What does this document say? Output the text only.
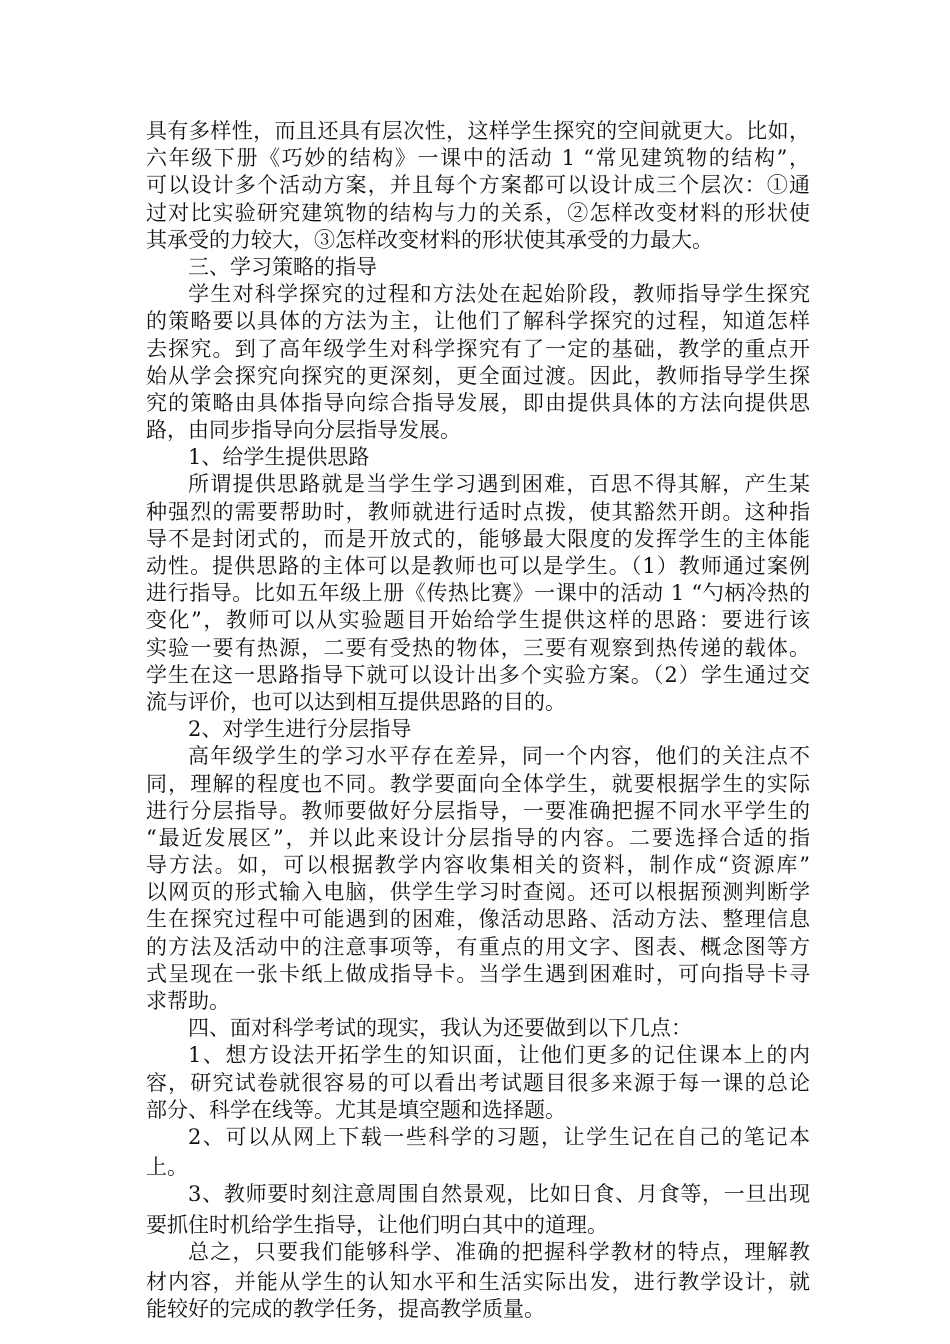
具有多样性，而且还具有层次性，这样学生探究的空间就更大。比如，
六年级下册《巧妙的结构》一课中的活动 1 “常见建筑物的结构”，
可以设计多个活动方案，并且每个方案都可以设计成三个层次：①通
过对比实验研究建筑物的结构与力的关系，②怎样改变材料的形状使
其承受的力较大，③怎样改变材料的形状使其承受的力最大。
三、学习策略的指导
学生对科学探究的过程和方法处在起始阶段，教师指导学生探究
的策略要以具体的方法为主，让他们了解科学探究的过程，知道怎样
去探究。到了高年级学生对科学探究有了一定的基础，教学的重点开
始从学会探究向探究的更深刻，更全面过渡。因此，教师指导学生探
究的策略由具体指导向综合指导发展，即由提供具体的方法向提供思
路，由同步指导向分层指导发展。
1、给学生提供思路
所谓提供思路就是当学生学习遇到困难，百思不得其解，产生某
种强烈的需要帮助时，教师就进行适时点拨，使其豁然开朗。这种指
导不是封闭式的，而是开放式的，能够最大限度的发挥学生的主体能
动性。提供思路的主体可以是教师也可以是学生。（1）教师通过案例
进行指导。比如五年级上册《传热比赛》一课中的活动 1 “勺柄冷热的
变化”，教师可以从实验题目开始给学生提供这样的思路：要进行该
实验一要有热源，二要有受热的物体，三要有观察到热传递的载体。
学生在这一思路指导下就可以设计出多个实验方案。（2）学生通过交
流与评价，也可以达到相互提供思路的目的。
2、对学生进行分层指导
高年级学生的学习水平存在差异，同一个内容，他们的关注点不
同，理解的程度也不同。教学要面向全体学生，就要根据学生的实际
进行分层指导。教师要做好分层指导，一要准确把握不同水平学生的
“最近发展区”，并以此来设计分层指导的内容。二要选择合适的指
导方法。如，可以根据教学内容收集相关的资料，制作成“资源库”
以网页的形式输入电脑，供学生学习时查阅。还可以根据预测判断学
生在探究过程中可能遇到的困难，像活动思路、活动方法、整理信息
的方法及活动中的注意事项等，有重点的用文字、图表、概念图等方
式呈现在一张卡纸上做成指导卡。当学生遇到困难时，可向指导卡寻
求帮助。
四、面对科学考试的现实，我认为还要做到以下几点：
1、想方设法开拓学生的知识面，让他们更多的记住课本上的内
容，研究试卷就很容易的可以看出考试题目很多来源于每一课的总论
部分、科学在线等。尤其是填空题和选择题。
2、可以从网上下载一些科学的习题，让学生记在自己的笔记本
上。
3、教师要时刻注意周围自然景观，比如日食、月食等，一旦出现
要抓住时机给学生指导，让他们明白其中的道理。
总之，只要我们能够科学、准确的把握科学教材的特点，理解教
材内容，并能从学生的认知水平和生活实际出发，进行教学设计，就
能较好的完成的教学任务，提高教学质量。
